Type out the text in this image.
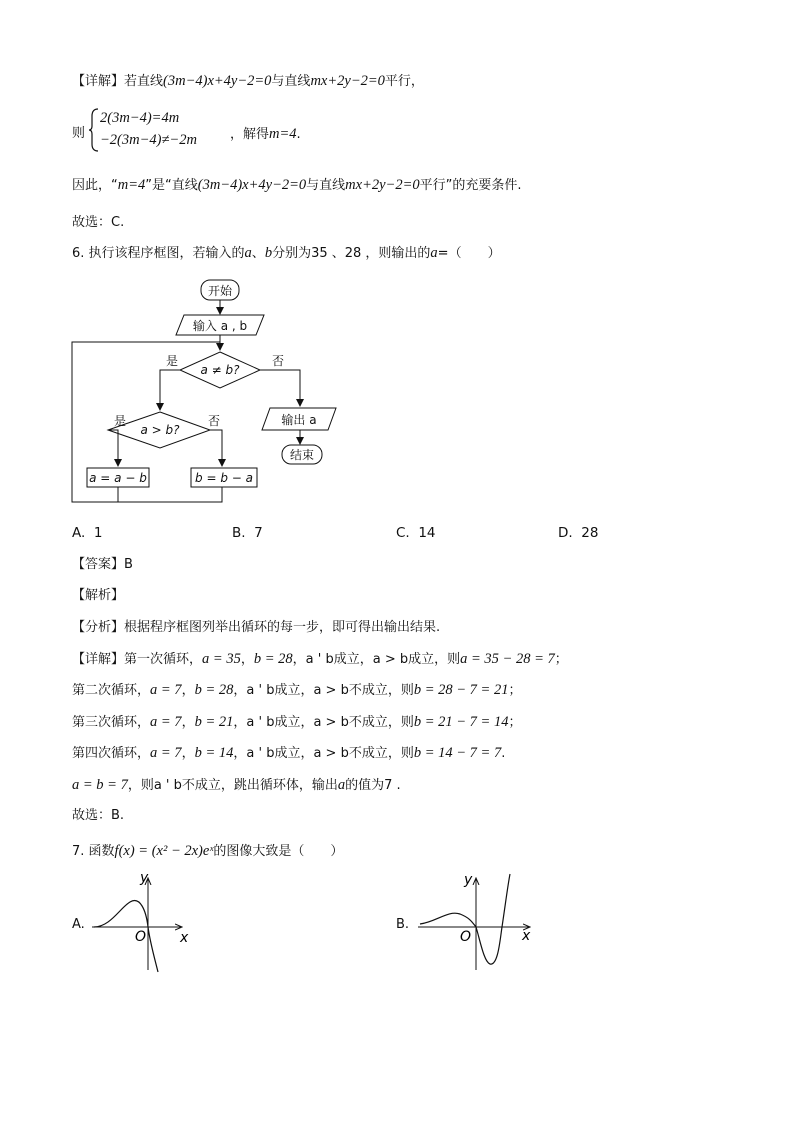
【详解】若直线(3m−4)x+4y−2=0与直线mx+2y−2=0平行，
则
2(3m−4)=4m
−2(3m−4)≠−2m	，解得m=4.
因此，“m=4”是“直线(3m−4)x+4y−2=0与直线mx+2y−2=0平行”的充要条件.
故选：C.
6. 执行该程序框图，若输入的a、b分别为35 、28 ，则输出的a=（　　）
开始
输入 a , b
a ≠ b?
a > b?
是	否
是	否
a = a − b	b = b − a
输出 a
结束
A. 1	B. 7	C. 14	D. 28
【答案】B
【解析】
【分析】根据程序框图列举出循环的每一步，即可得出输出结果.
【详解】第一次循环，a = 35，b = 28，a ' b成立，a > b成立，则a = 35 − 28 = 7；
第二次循环，a = 7，b = 28，a ' b成立，a > b不成立，则b = 28 − 7 = 21；
第三次循环，a = 7，b = 21，a ' b成立，a > b不成立，则b = 21 − 7 = 14；
第四次循环，a = 7，b = 14，a ' b成立，a > b不成立，则b = 14 − 7 = 7.
a = b = 7，则a ' b不成立，跳出循环体，输出a的值为7 .
故选：B.
7. 函数f(x) = (x² − 2x)eˣ的图像大致是（　　）
A.
y
x
O
B.
y
x
O
